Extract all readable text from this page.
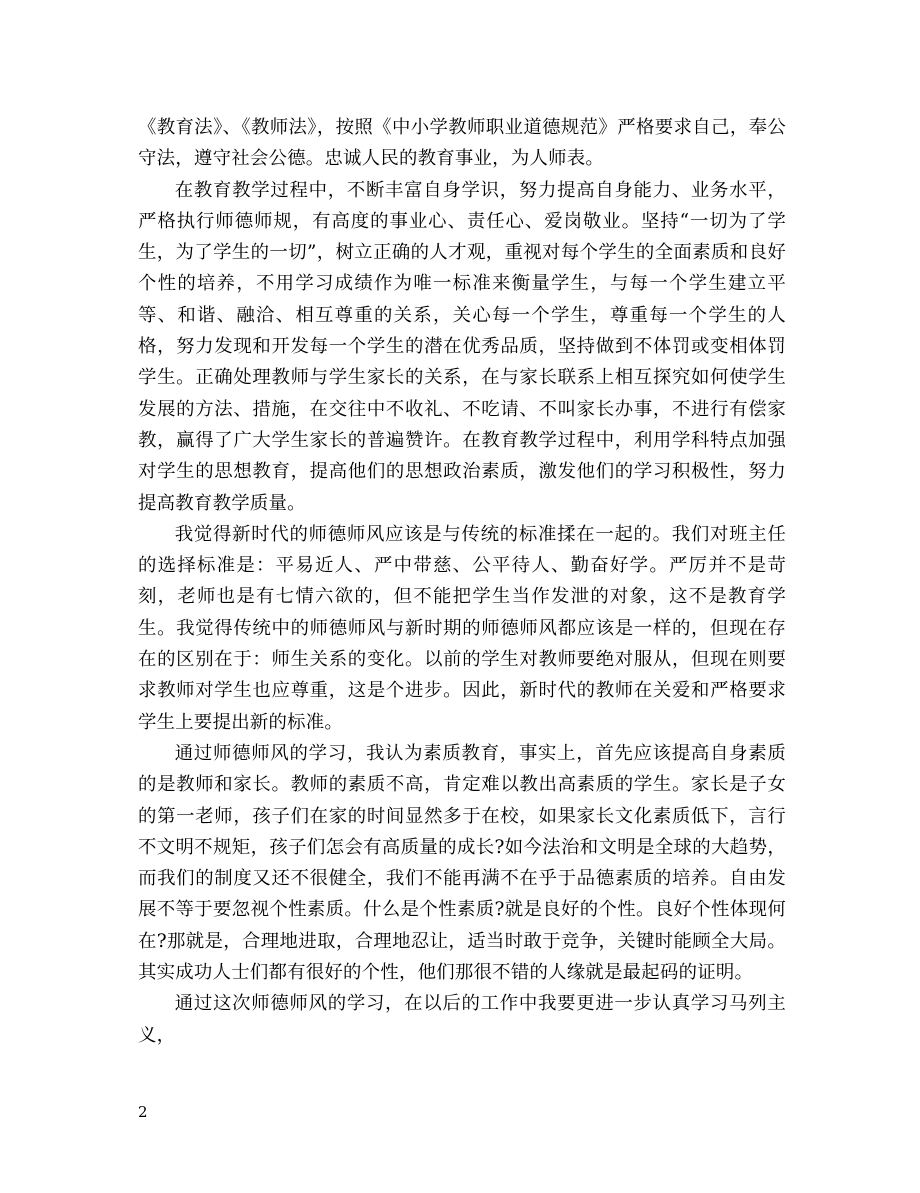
《教育法》、《教师法》，按照《中小学教师职业道德规范》严格要求自己，奉公守法，遵守社会公德。忠诚人民的教育事业，为人师表。

在教育教学过程中，不断丰富自身学识，努力提高自身能力、业务水平，严格执行师德师规，有高度的事业心、责任心、爱岗敬业。坚持“一切为了学生，为了学生的一切”，树立正确的人才观，重视对每个学生的全面素质和良好个性的培养，不用学习成绩作为唯一标准来衡量学生，与每一个学生建立平等、和谐、融洽、相互尊重的关系，关心每一个学生，尊重每一个学生的人格，努力发现和开发每一个学生的潜在优秀品质，坚持做到不体罚或变相体罚学生。正确处理教师与学生家长的关系，在与家长联系上相互探究如何使学生发展的方法、措施，在交往中不收礼、不吃请、不叫家长办事，不进行有偿家教，赢得了广大学生家长的普遍赞许。在教育教学过程中，利用学科特点加强对学生的思想教育，提高他们的思想政治素质，激发他们的学习积极性，努力提高教育教学质量。

我觉得新时代的师德师风应该是与传统的标准揉在一起的。我们对班主任的选择标准是：平易近人、严中带慈、公平待人、勤奋好学。严厉并不是苛刻，老师也是有七情六欲的，但不能把学生当作发泄的对象，这不是教育学生。我觉得传统中的师德师风与新时期的师德师风都应该是一样的，但现在存在的区别在于：师生关系的变化。以前的学生对教师要绝对服从，但现在则要求教师对学生也应尊重，这是个进步。因此，新时代的教师在关爱和严格要求学生上要提出新的标准。

通过师德师风的学习，我认为素质教育，事实上，首先应该提高自身素质的是教师和家长。教师的素质不高，肯定难以教出高素质的学生。家长是子女的第一老师，孩子们在家的时间显然多于在校，如果家长文化素质低下，言行不文明不规矩，孩子们怎会有高质量的成长?如今法治和文明是全球的大趋势，而我们的制度又还不很健全，我们不能再满不在乎于品德素质的培养。自由发展不等于要忽视个性素质。什么是个性素质?就是良好的个性。良好个性体现何在?那就是，合理地进取，合理地忍让，适当时敢于竞争，关键时能顾全大局。其实成功人士们都有很好的个性，他们那很不错的人缘就是最起码的证明。

通过这次师德师风的学习，在以后的工作中我要更进一步认真学习马列主义，

2
